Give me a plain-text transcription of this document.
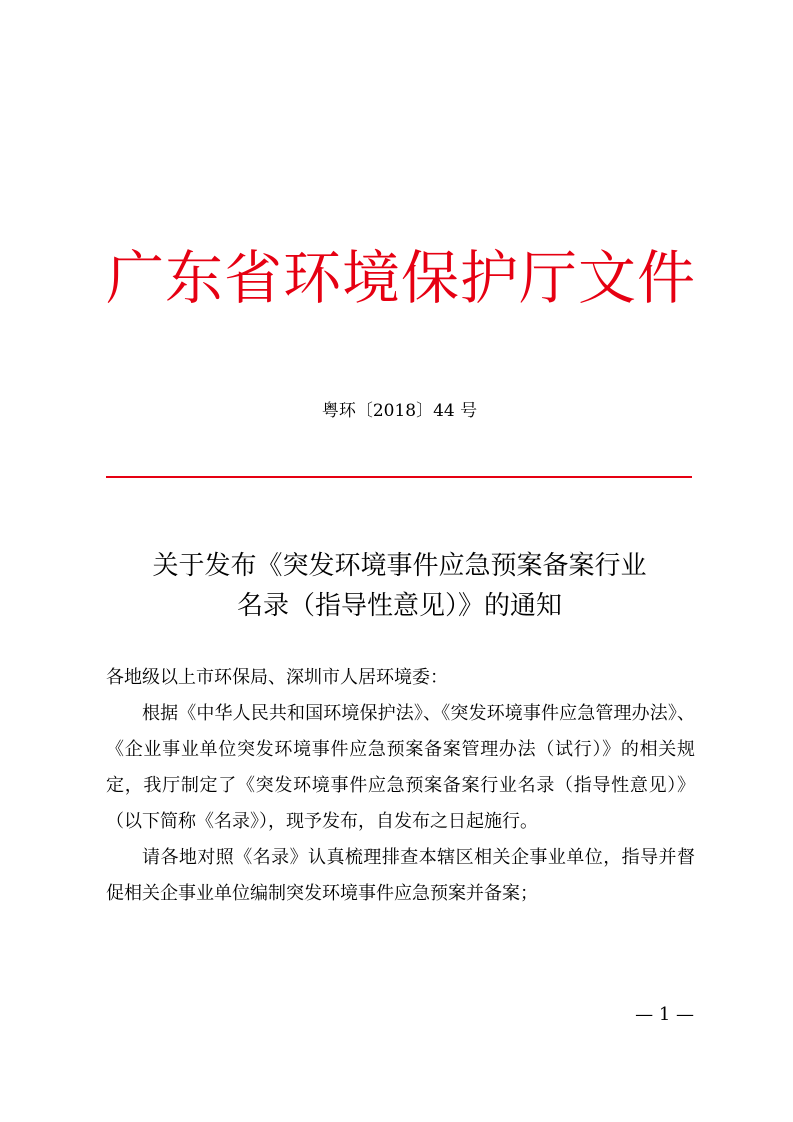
广东省环境保护厅文件
粤环〔2018〕44 号
关于发布《突发环境事件应急预案备案行业
名录（指导性意见）》的通知

各地级以上市环保局、深圳市人居环境委：

根据《中华人民共和国环境保护法》、《突发环境事件应急管理办法》、《企业事业单位突发环境事件应急预案备案管理办法（试行）》的相关规定，我厅制定了《突发环境事件应急预案备案行业名录（指导性意见）》（以下简称《名录》），现予发布，自发布之日起施行。

请各地对照《名录》认真梳理排查本辖区相关企事业单位，指导并督促相关企事业单位编制突发环境事件应急预案并备案；

— 1 —
